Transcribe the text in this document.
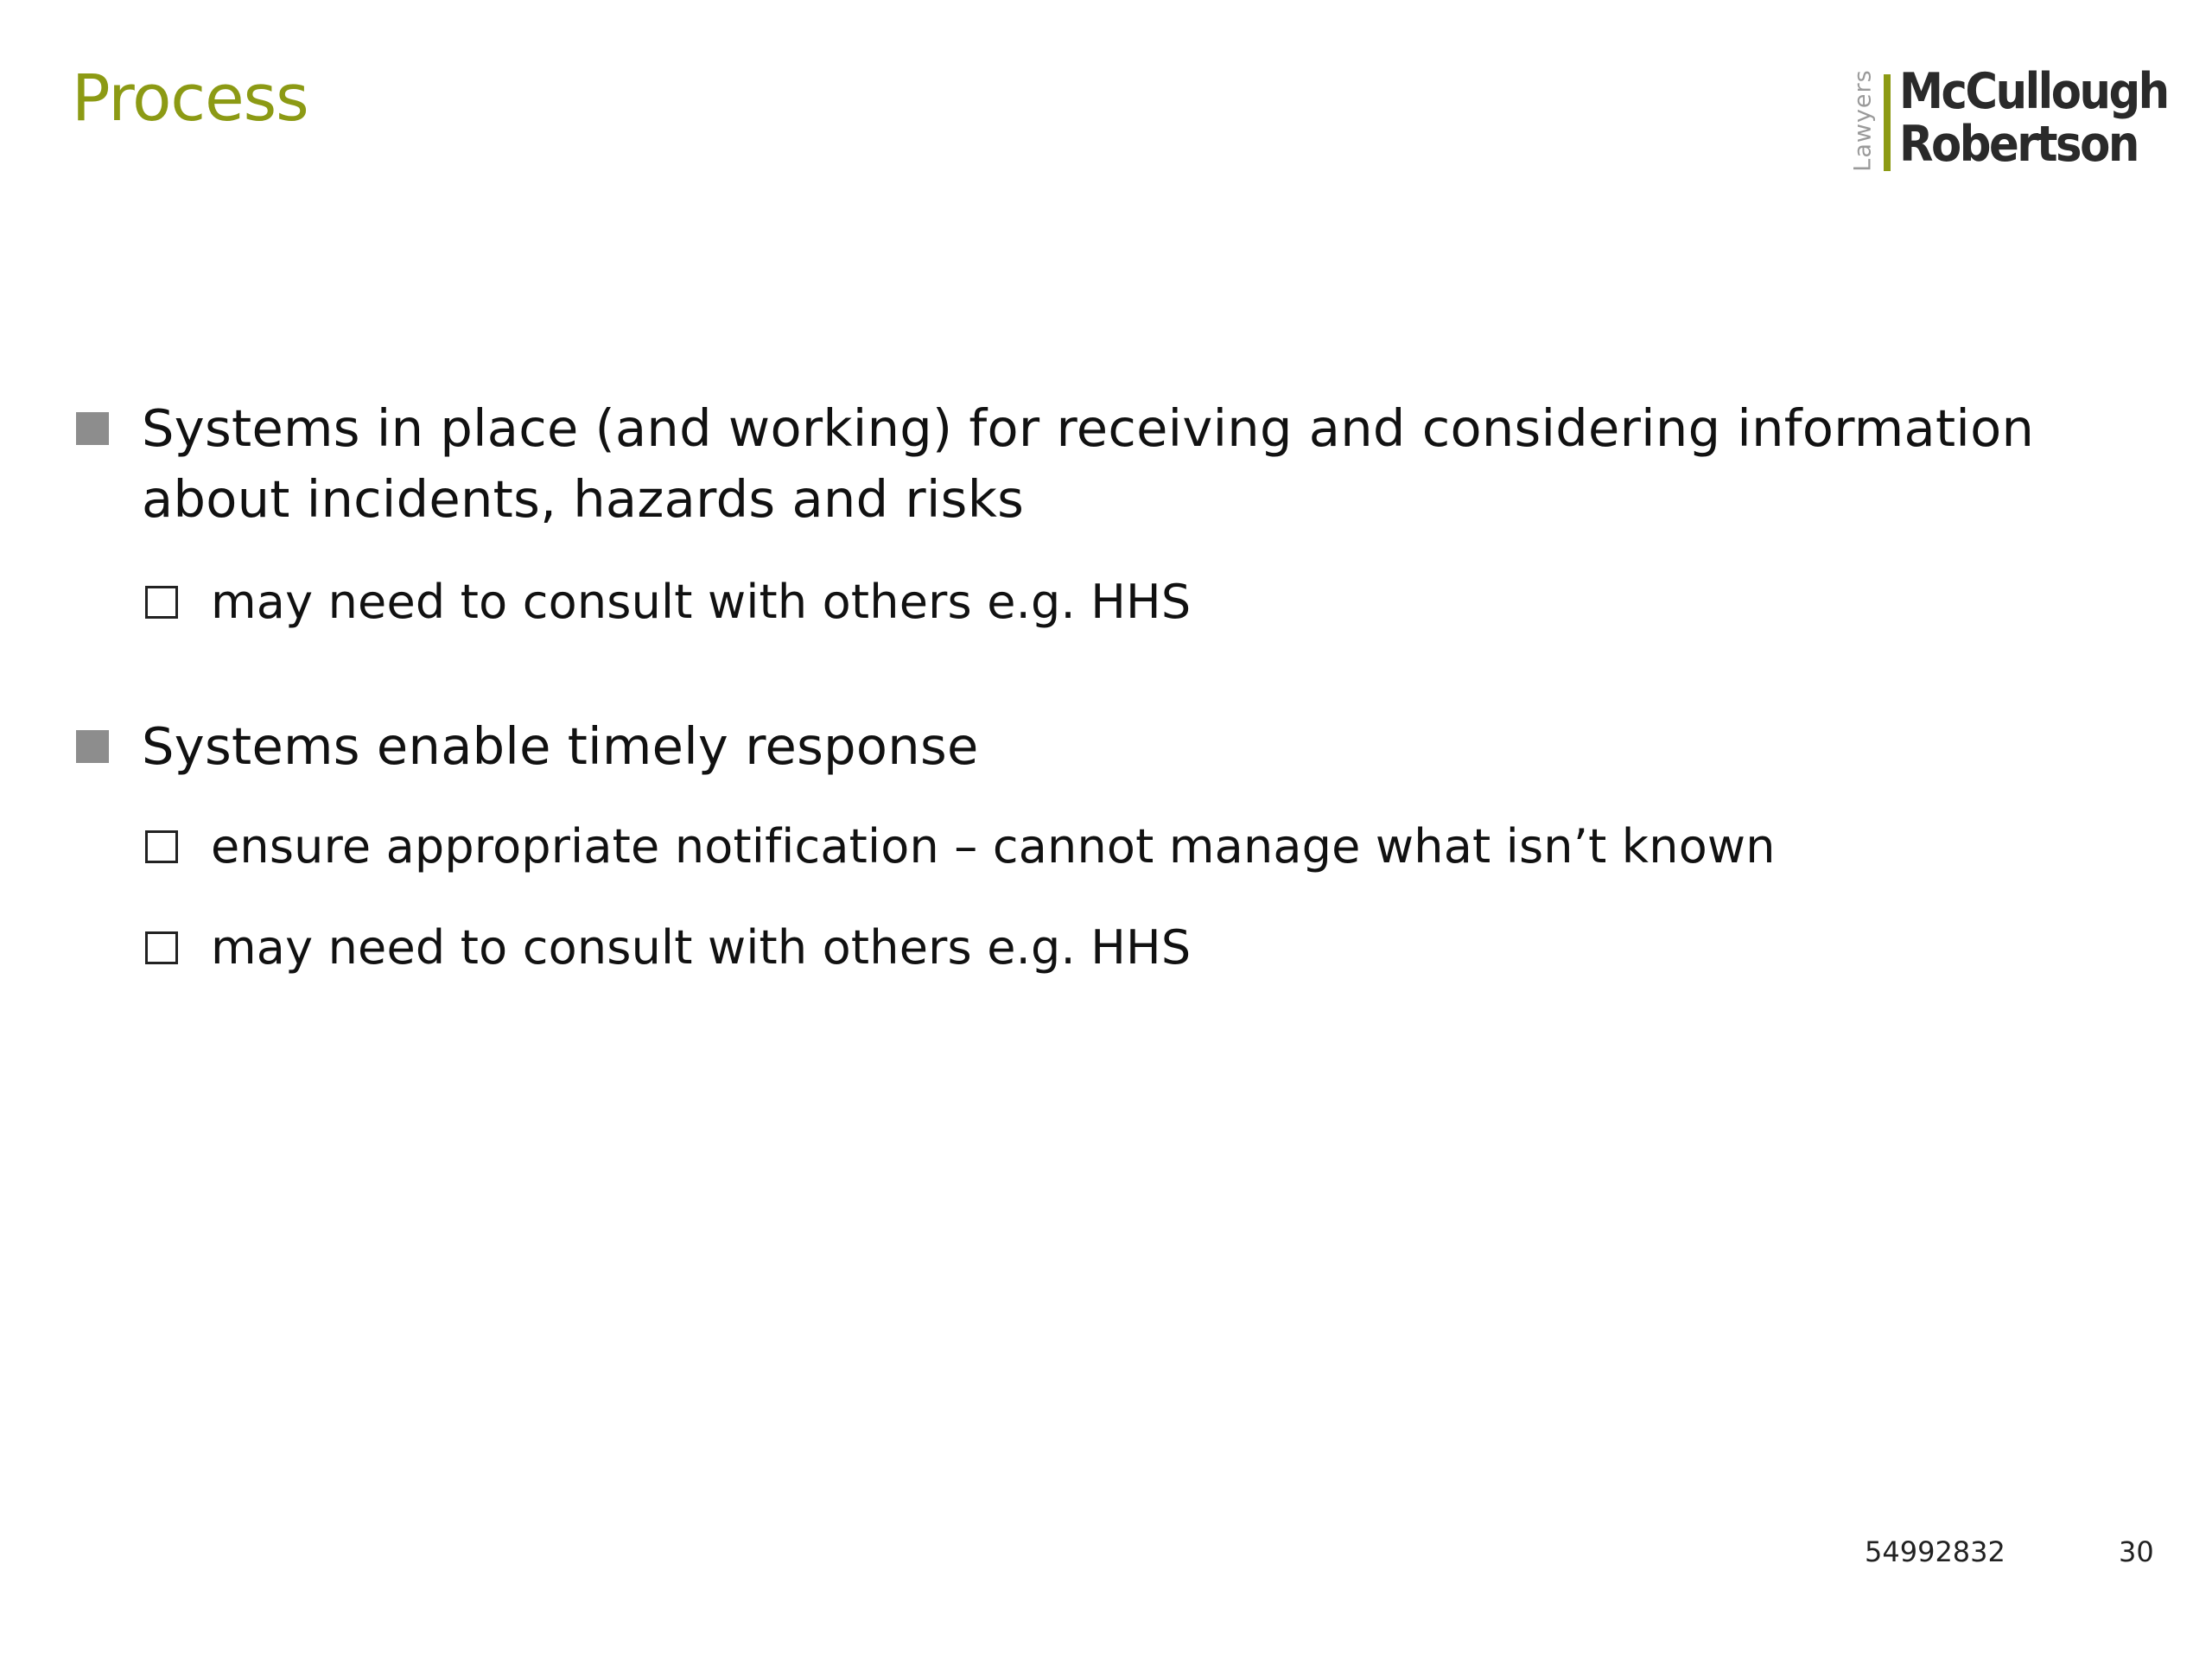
Process	Lawyers McCullough
Robertson
Systems in place (and working) for receiving and considering information about incidents, hazards and risks
may need to consult with others e.g. HHS
Systems enable timely response
ensure appropriate notification – cannot manage what isn’t known
may need to consult with others e.g. HHS
54992832	30
